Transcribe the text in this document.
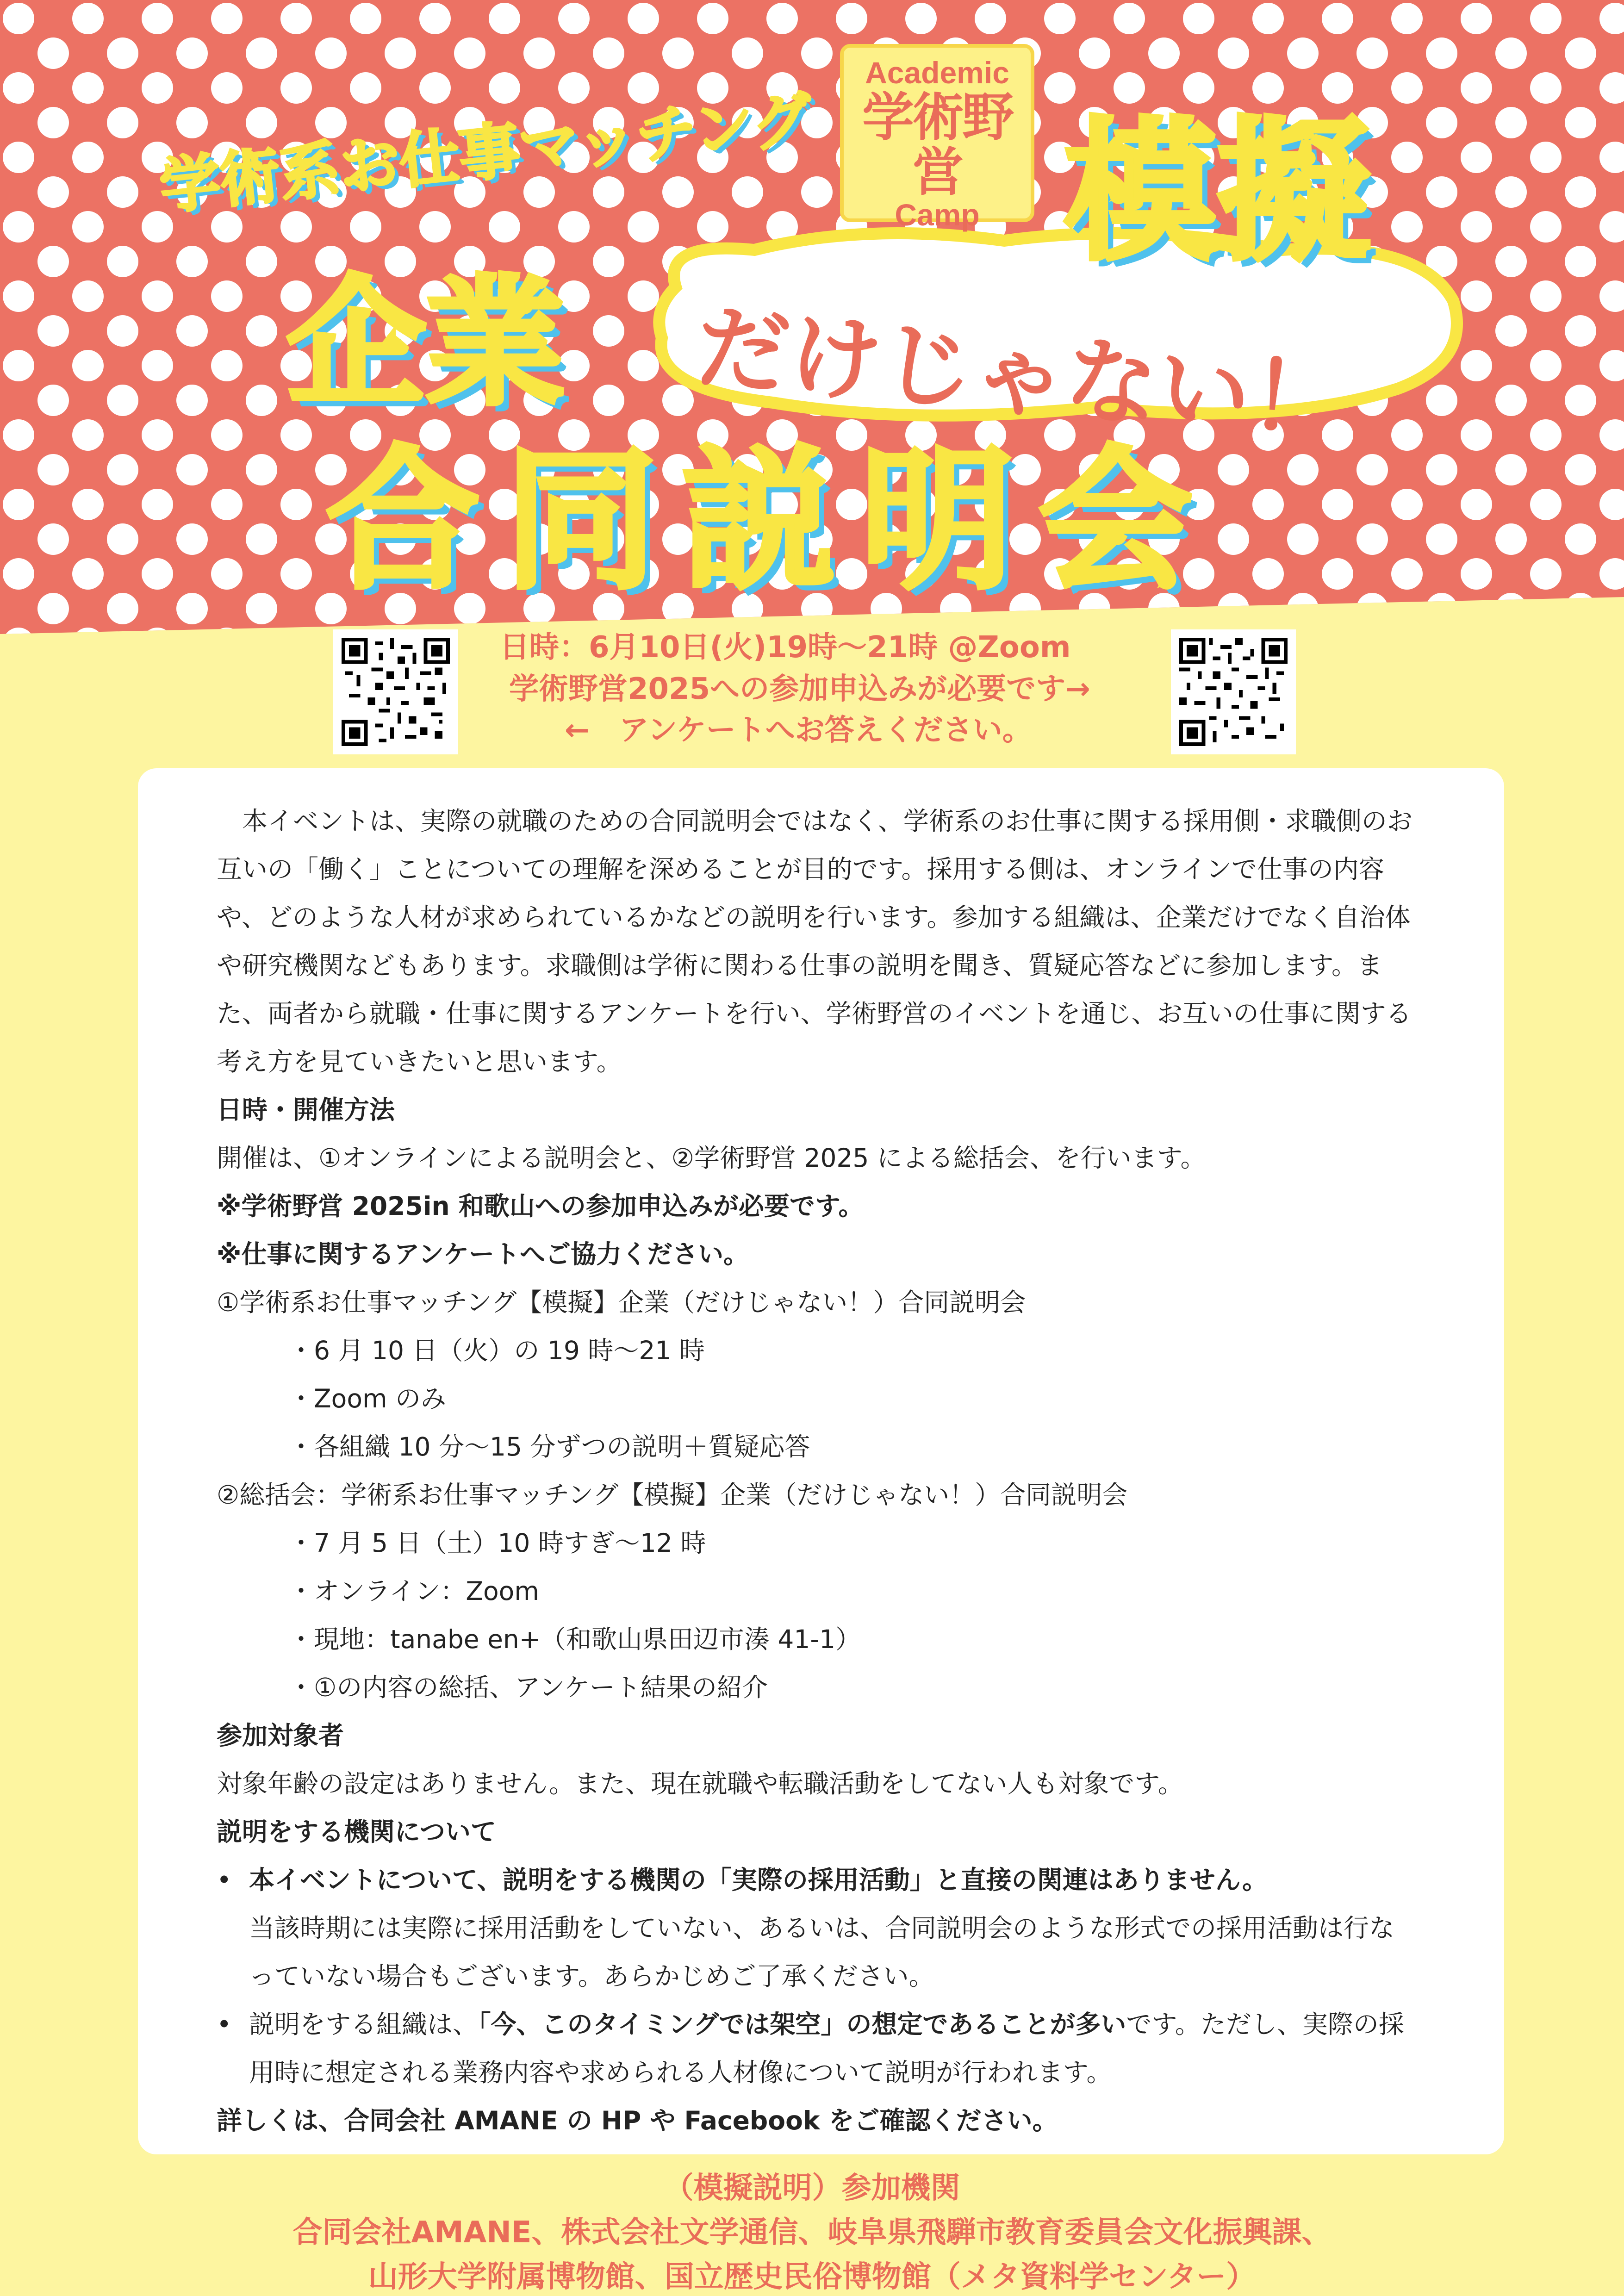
学術系お仕事マッチング 模擬
企業 だけじゃない！
合同説明会
Academic
学術野営
Camp
日時：6月10日(火)19時～21時 @Zoom
学術野営2025への参加申込みが必要です→
←　アンケートへお答えください。

本イベントは、実際の就職のための合同説明会ではなく、学術系のお仕事に関する採用側・求職側のお互いの「働く」ことについての理解を深めることが目的です。採用する側は、オンラインで仕事の内容や、どのような人材が求められているかなどの説明を行います。参加する組織は、企業だけでなく自治体や研究機関などもあります。求職側は学術に関わる仕事の説明を聞き、質疑応答などに参加します。また、両者から就職・仕事に関するアンケートを行い、学術野営のイベントを通じ、お互いの仕事に関する考え方を見ていきたいと思います。

日時・開催方法

開催は、①オンラインによる説明会と、②学術野営 2025 による総括会、を行います。

※学術野営 2025in 和歌山への参加申込みが必要です。

※仕事に関するアンケートへご協力ください。

①学術系お仕事マッチング【模擬】企業（だけじゃない！）合同説明会

・6 月 10 日（火）の 19 時～21 時

・Zoom のみ

・各組織 10 分～15 分ずつの説明＋質疑応答

②総括会：学術系お仕事マッチング【模擬】企業（だけじゃない！）合同説明会

・7 月 5 日（土）10 時すぎ～12 時

・オンライン：Zoom

・現地：tanabe en+（和歌山県田辺市湊 41-1）

・①の内容の総括、アンケート結果の紹介

参加対象者

対象年齢の設定はありません。また、現在就職や転職活動をしてない人も対象です。

説明をする機関について

• 本イベントについて、説明をする機関の「実際の採用活動」と直接の関連はありません。

当該時期には実際に採用活動をしていない、あるいは、合同説明会のような形式での採用活動は行なっていない場合もございます。あらかじめご了承ください。

• 説明をする組織は、「今、このタイミングでは架空」の想定であることが多いです。ただし、実際の採用時に想定される業務内容や求められる人材像について説明が行われます。

詳しくは、合同会社 AMANE の HP や Facebook をご確認ください。

（模擬説明）参加機関
合同会社AMANE、株式会社文学通信、岐阜県飛騨市教育委員会文化振興課、
山形大学附属博物館、国立歴史民俗博物館（メタ資料学センター）
